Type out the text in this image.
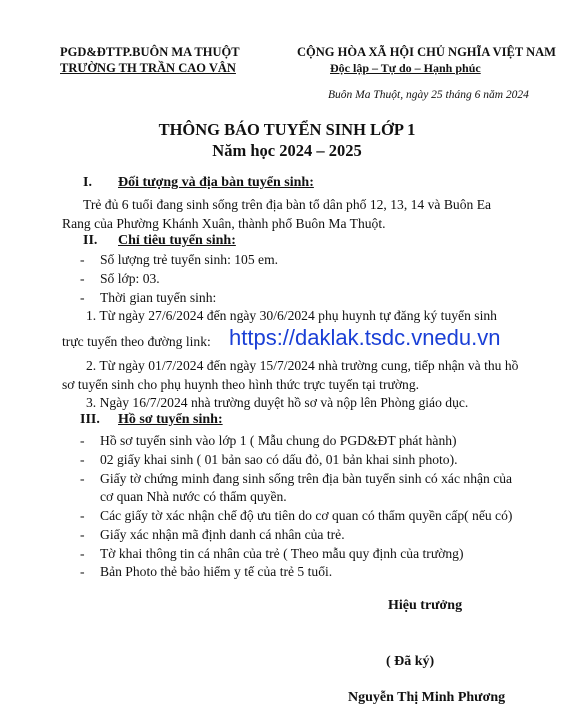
PGD&ĐTTP.BUÔN MA THUỘT
TRƯỜNG TH TRẦN CAO VÂN
CỘNG HÒA XÃ HỘI CHỦ NGHĨA VIỆT NAM
Độc lập – Tự do – Hạnh phúc
Buôn Ma Thuột, ngày 25 tháng 6 năm 2024
THÔNG BÁO TUYỂN SINH LỚP 1
Năm học 2024 – 2025
I. Đối tượng và địa bàn tuyển sinh:
Trẻ đủ 6 tuổi đang sinh sống trên địa bàn tổ dân phố 12, 13, 14 và Buôn Ea
Rang của Phường Khánh Xuân, thành phố Buôn Ma Thuột.
II. Chỉ tiêu tuyển sinh:
- Số lượng trẻ tuyển sinh: 105 em.
- Số lớp: 03.
- Thời gian tuyển sinh:
1. Từ ngày 27/6/2024 đến ngày 30/6/2024 phụ huynh tự đăng ký tuyển sinh
trực tuyến theo đường link: https://daklak.tsdc.vnedu.vn
2. Từ ngày 01/7/2024 đến ngày 15/7/2024 nhà trường cung, tiếp nhận và thu hồ
sơ tuyển sinh cho phụ huynh theo hình thức trực tuyến tại trường.
3. Ngày 16/7/2024 nhà trường duyệt hồ sơ và nộp lên Phòng giáo dục.
III. Hồ sơ tuyển sinh:
- Hồ sơ tuyển sinh vào lớp 1 ( Mẫu chung do PGD&ĐT phát hành)
- 02 giấy khai sinh ( 01 bản sao có dấu đỏ, 01 bản khai sinh photo).
- Giấy tờ chứng minh đang sinh sống trên địa bàn tuyển sinh có xác nhận của
cơ quan Nhà nước có thẩm quyền.
- Các giấy tờ xác nhận chế độ ưu tiên do cơ quan có thẩm quyền cấp( nếu có)
- Giấy xác nhận mã định danh cá nhân của trẻ.
- Tờ khai thông tin cá nhân của trẻ ( Theo mẫu quy định của trường)
- Bản Photo thẻ bảo hiểm y tế của trẻ 5 tuổi.
Hiệu trưởng
( Đã ký)
Nguyễn Thị Minh Phương
